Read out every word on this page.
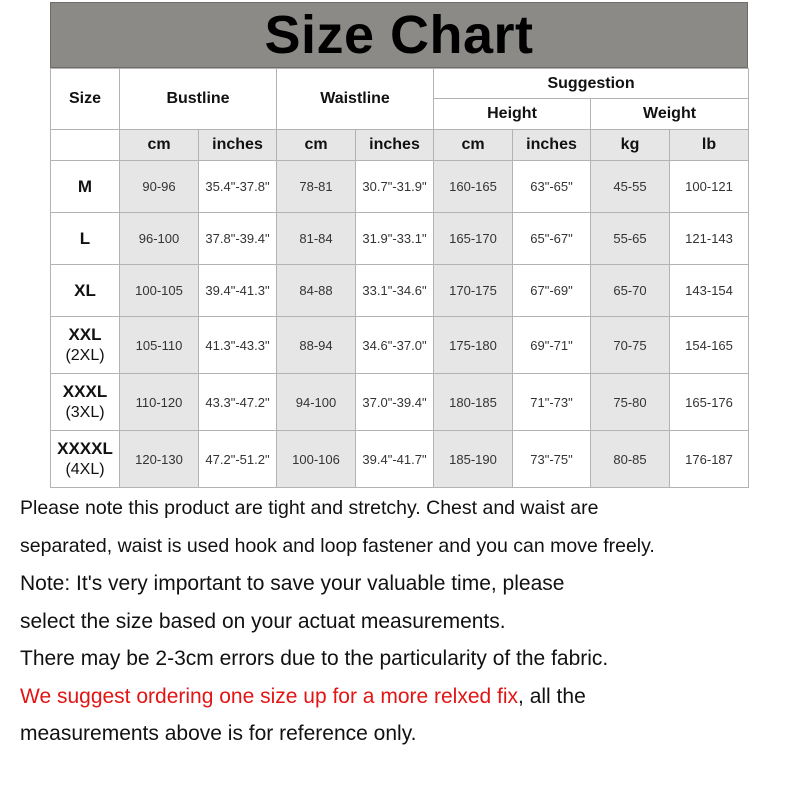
Size Chart
Size	Bustline		Waistline		Suggestion			
					Height		Weight	
	cm	inches	cm	inches	cm	inches	kg	lb

M	90-96	35.4"-37.8"	78-81	30.7"-31.9"	160-165	63"-65"	45-55	100-121

L	96-100	37.8"-39.4"	81-84	31.9"-33.1"	165-170	65"-67"	55-65	121-143

XL	100-105	39.4"-41.3"	84-88	33.1"-34.6"	170-175	67"-69"	65-70	143-154

XXL
(2XL)	105-110	41.3"-43.3"	88-94	34.6"-37.0"	175-180	69"-71"	70-75	154-165

XXXL
(3XL)	110-120	43.3"-47.2"	94-100	37.0"-39.4"	180-185	71"-73"	75-80	165-176

XXXXL
(4XL)	120-130	47.2"-51.2"	100-106	39.4"-41.7"	185-190	73"-75"	80-85	176-187
Please note this product are tight and stretchy. Chest and waist are
separated, waist is used hook and loop fastener and you can move freely.
Note: It's very important to save your valuable time, please
select the size based on your actuat measurements.
There may be 2-3cm errors due to the particularity of the fabric.
We suggest ordering one size up for a more relxed fix, all the
measurements above is for reference only.
